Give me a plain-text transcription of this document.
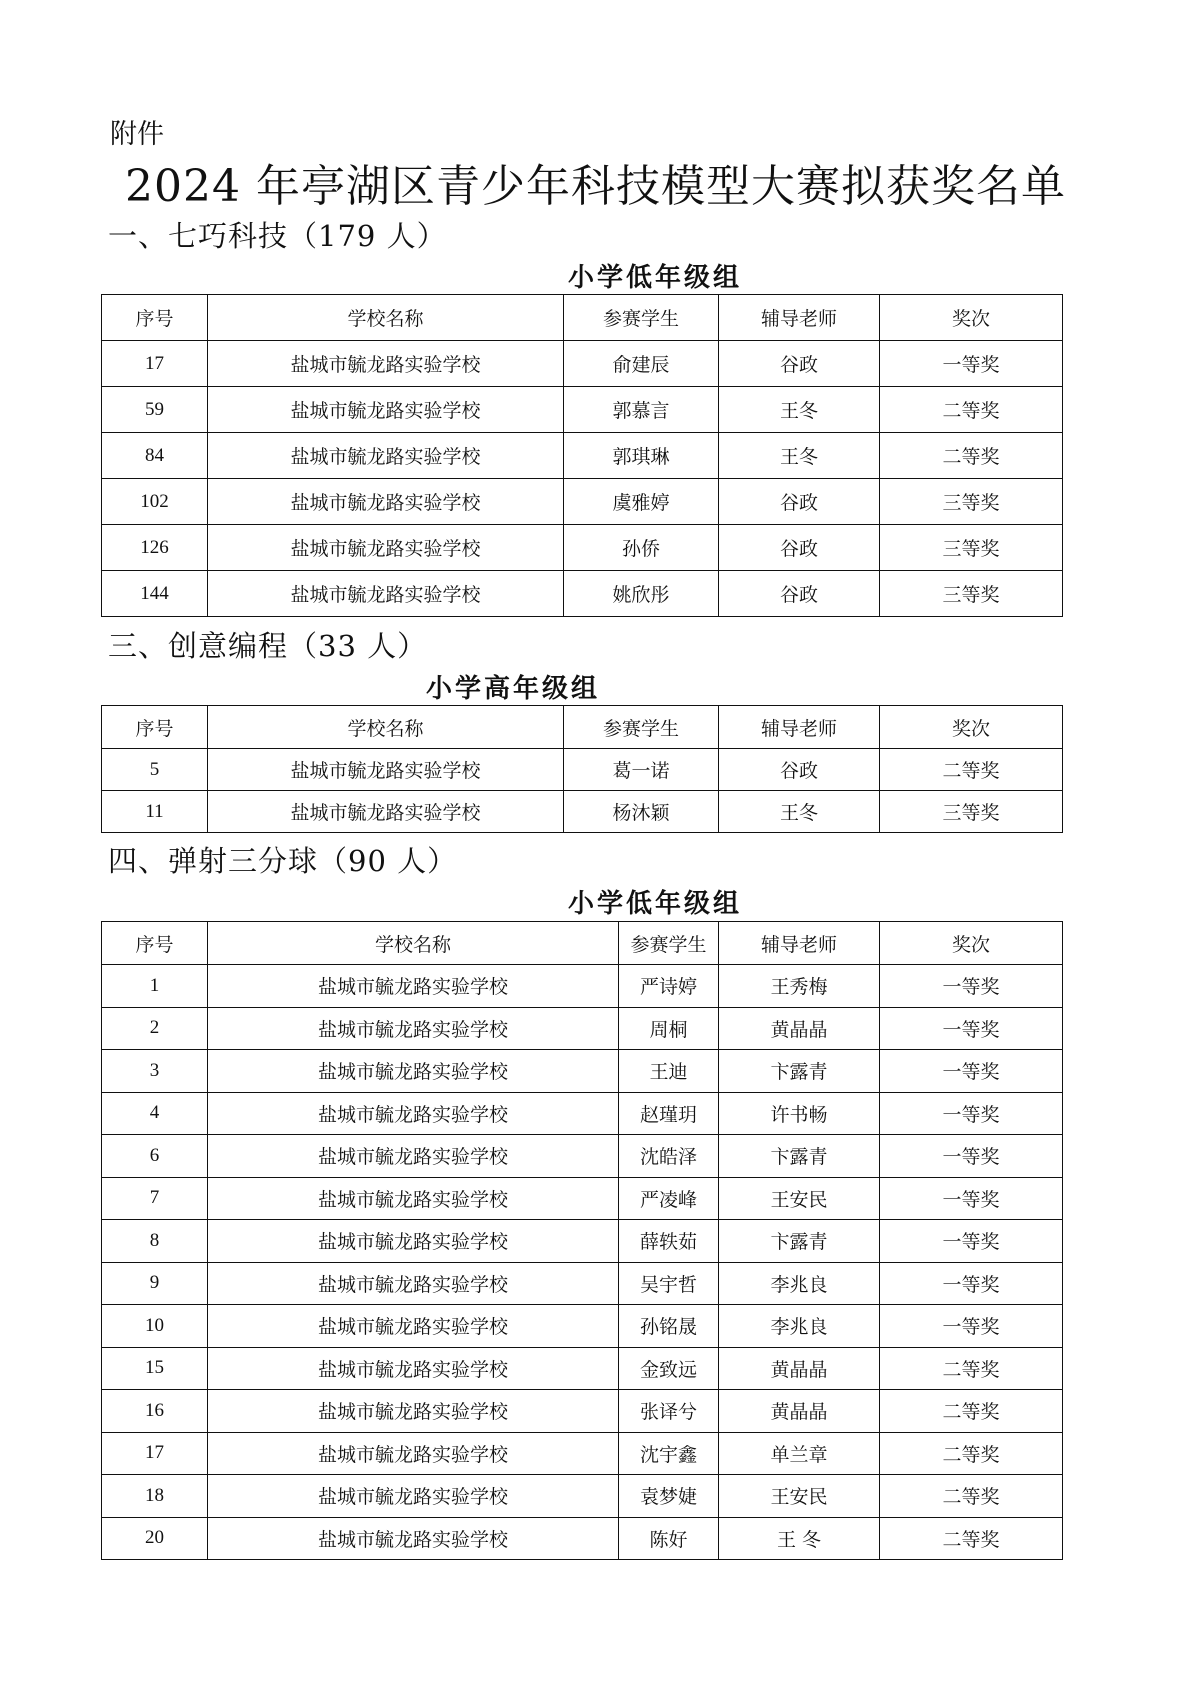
附件
2024 年亭湖区青少年科技模型大赛拟获奖名单
一、七巧科技（179 人）
小学低年级组
序号	学校名称	参赛学生	辅导老师	奖次
17	盐城市毓龙路实验学校	俞建辰	谷政	一等奖
59	盐城市毓龙路实验学校	郭慕言	王冬	二等奖
84	盐城市毓龙路实验学校	郭琪琳	王冬	二等奖
102	盐城市毓龙路实验学校	虞雅婷	谷政	三等奖
126	盐城市毓龙路实验学校	孙侨	谷政	三等奖
144	盐城市毓龙路实验学校	姚欣彤	谷政	三等奖
三、创意编程（33 人）
小学高年级组
序号	学校名称	参赛学生	辅导老师	奖次
5	盐城市毓龙路实验学校	葛一诺	谷政	二等奖
11	盐城市毓龙路实验学校	杨沐颖	王冬	三等奖
四、弹射三分球（90 人）
小学低年级组
序号	学校名称	参赛学生	辅导老师	奖次
1	盐城市毓龙路实验学校	严诗婷	王秀梅	一等奖
2	盐城市毓龙路实验学校	周桐	黄晶晶	一等奖
3	盐城市毓龙路实验学校	王迪	卞露青	一等奖
4	盐城市毓龙路实验学校	赵瑾玥	许书畅	一等奖
6	盐城市毓龙路实验学校	沈皓泽	卞露青	一等奖
7	盐城市毓龙路实验学校	严凌峰	王安民	一等奖
8	盐城市毓龙路实验学校	薛轶茹	卞露青	一等奖
9	盐城市毓龙路实验学校	吴宇哲	李兆良	一等奖
10	盐城市毓龙路实验学校	孙铭晟	李兆良	一等奖
15	盐城市毓龙路实验学校	金致远	黄晶晶	二等奖
16	盐城市毓龙路实验学校	张译兮	黄晶晶	二等奖
17	盐城市毓龙路实验学校	沈宇鑫	单兰章	二等奖
18	盐城市毓龙路实验学校	袁梦婕	王安民	二等奖
20	盐城市毓龙路实验学校	陈好	王 冬	二等奖
